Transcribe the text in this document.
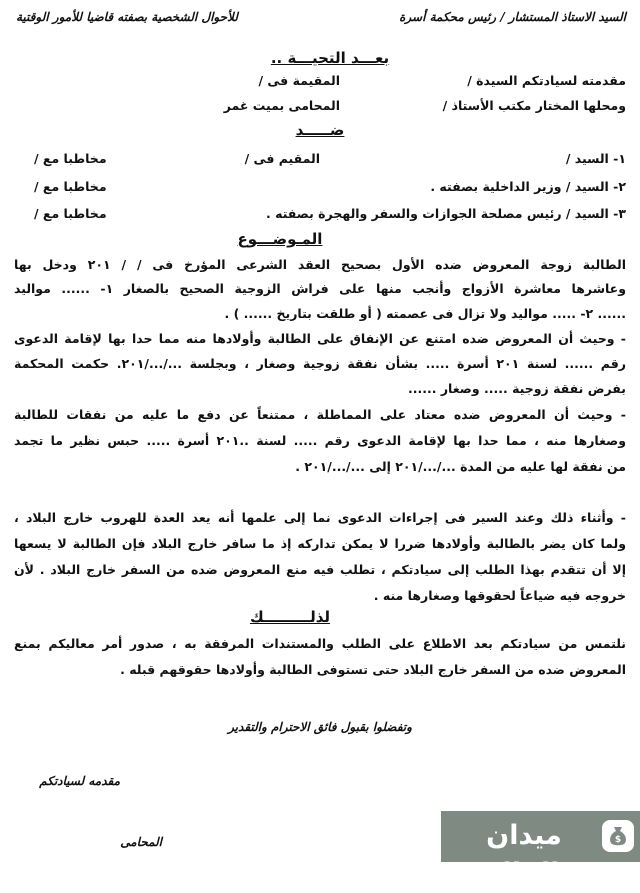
السيد الاستاذ المستشار / رئيس محكمة أسرة
للأحوال الشخصية بصفته قاضيا للأمور الوقتية
بعـــد التحيـــة ..
مقدمته لسيادتكم السيدة /
المقيمة فى /
ومحلها المختار مكتب الأستاذ /
المحامى بميت غمر
ضـــــد
١- السيد /
المقيم فى /
مخاطبا مع /
٢- السيد / وزير الداخلية بصفته .
مخاطبا مع /
٣- السيد / رئيس مصلحة الجوازات والسفر والهجرة بصفته .
مخاطبا مع /
المـوضـــوع
الطالبة زوجة المعروض ضده الأول بصحيح العقد الشرعى المؤرخ فى / / ٢٠١ ودخل بها
وعاشرها معاشرة الأزواج وأنجب منها على فراش الزوجية الصحيح بالصغار ١- ...... مواليد
...... ٢- ..... مواليد ولا تزال فى عصمته ( أو طلقت بتاريخ ...... ) .
- وحيث أن المعروض ضده امتنع عن الإنفاق على الطالبة وأولادها منه مما حدا بها لإقامة الدعوى
رقم ...... لسنة ٢٠١ أسرة ..... بشأن نفقة زوجية وصغار ، وبجلسة .../.../٢٠١. حكمت المحكمة
بفرض نفقة زوجية ..... وصغار ......
- وحيث أن المعروض ضده معتاد على المماطلة ، ممتنعاً عن دفع ما عليه من نفقات للطالبة
وصغارها منه ، مما حدا بها لإقامة الدعوى رقم ..... لسنة ..٢٠١ أسرة ..... حبس نظير ما تجمد
من نفقة لها عليه من المدة .../.../٢٠١ إلى .../.../٢٠١ .
- وأثناء ذلك وعند السير فى إجراءات الدعوى نما إلى علمها أنه يعد العدة للهروب خارج البلاد ،
ولما كان يضر بالطالبة وأولادها ضررا لا يمكن تداركه إذ ما سافر خارج البلاد فإن الطالبة لا يسعها
إلا أن تتقدم بهذا الطلب إلى سيادتكم ، تطلب فيه منع المعروض ضده من السفر خارج البلاد . لأن
خروجه فيه ضياعاً لحقوقها وصغارها منه .
لذلـــــــــك
نلتمس من سيادتكم بعد الاطلاع على الطلب والمستندات المرفقة به ، صدور أمر معاليكم بمنع
المعروض ضده من السفر خارج البلاد حتى تستوفى الطالبة وأولادها حقوقهم قبله .
وتفضلوا بقبول فائق الاحترام والتقدير
مقدمه لسيادتكم
المحامى	ميدان المال
$
